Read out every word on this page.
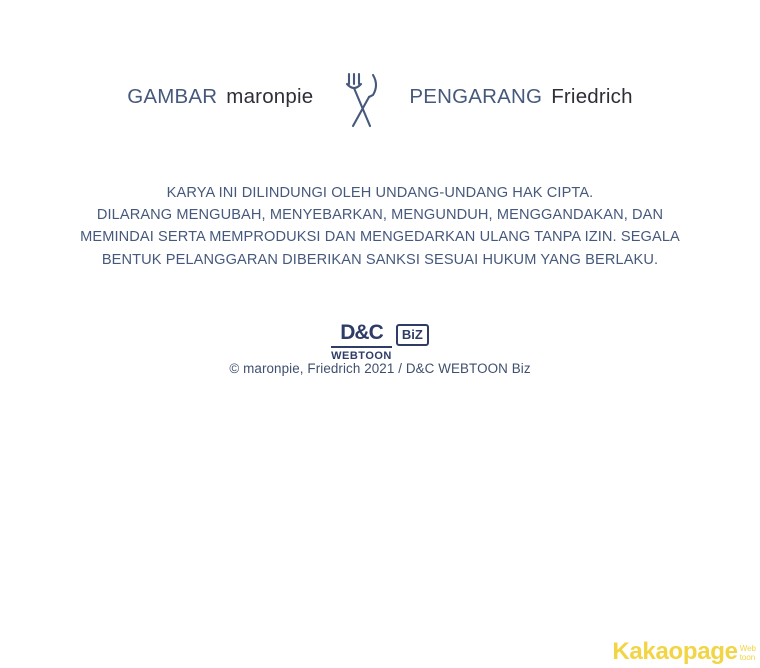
GAMBAR maronpie	PENGARANG Friedrich
KARYA INI DILINDUNGI OLEH UNDANG-UNDANG HAK CIPTA.
DILARANG MENGUBAH, MENYEBARKAN, MENGUNDUH, MENGGANDAKAN, DAN
MEMINDAI SERTA MEMPRODUKSI DAN MENGEDARKAN ULANG TANPA IZIN. SEGALA
BENTUK PELANGGARAN DIBERIKAN SANKSI SESUAI HUKUM YANG BERLAKU.
D&C
WEBTOON
BiZ
© maronpie, Friedrich 2021 / D&C WEBTOON Biz
Kakaopage Web
toon
